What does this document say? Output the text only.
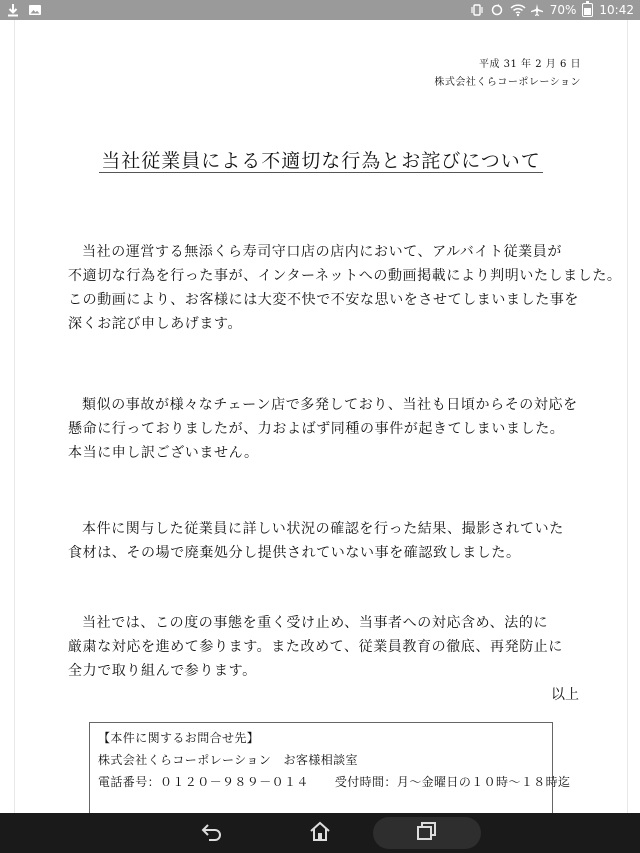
70% 10:42
平成 31 年 2 月 6 日
株式会社くらコーポレーション
当社従業員による不適切な行為とお詫びについて
当社の運営する無添くら寿司守口店の店内において、アルバイト従業員が
不適切な行為を行った事が、インターネットへの動画掲載により判明いたしました。
この動画により、お客様には大変不快で不安な思いをさせてしまいました事を
深くお詫び申しあげます。
類似の事故が様々なチェーン店で多発しており、当社も日頃からその対応を
懸命に行っておりましたが、力およばず同種の事件が起きてしまいました。
本当に申し訳ございません。
本件に関与した従業員に詳しい状況の確認を行った結果、撮影されていた
食材は、その場で廃棄処分し提供されていない事を確認致しました。
当社では、この度の事態を重く受け止め、当事者への対応含め、法的に
厳粛な対応を進めて参ります。また改めて、従業員教育の徹底、再発防止に
全力で取り組んで参ります。
以上
【本件に関するお問合せ先】
株式会社くらコーポレーション　お客様相談室
電話番号：０１２０－９８９－０１４ 受付時間：月～金曜日の１０時～１８時迄
